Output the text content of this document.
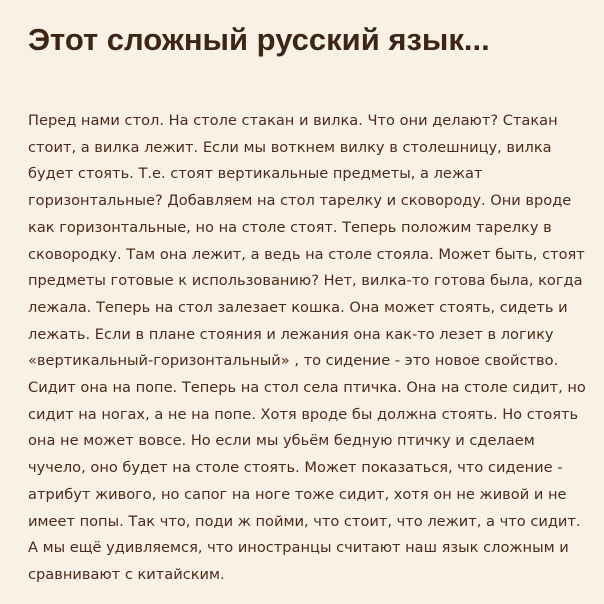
Этот сложный русский язык...
Перед нами стол. На столе стакан и вилка. Что они делают? Стакан
стоит, а вилка лежит. Если мы воткнем вилку в столешницу, вилка
будет стоять. Т.е. стоят вертикальные предметы, а лежат
горизонтальные? Добавляем на стол тарелку и сковороду. Они вроде
как горизонтальные, но на столе стоят. Теперь положим тарелку в
сковородку. Там она лежит, а ведь на столе стояла. Может быть, стоят
предметы готовые к использованию? Нет, вилка-то готова была, когда
лежала. Теперь на стол залезает кошка. Она может стоять, сидеть и
лежать. Если в плане стояния и лежания она как-то лезет в логику
«вертикальный-горизонтальный» , то сидение - это новое свойство.
Сидит она на попе. Теперь на стол села птичка. Она на столе сидит, но
сидит на ногах, а не на попе. Хотя вроде бы должна стоять. Но стоять
она не может вовсе. Но если мы убьём бедную птичку и сделаем
чучело, оно будет на столе стоять. Может показаться, что сидение -
атрибут живого, но сапог на ноге тоже сидит, хотя он не живой и не
имеет попы. Так что, поди ж пойми, что стоит, что лежит, а что сидит.
А мы ещё удивляемся, что иностранцы считают наш язык сложным и
сравнивают с китайским.
